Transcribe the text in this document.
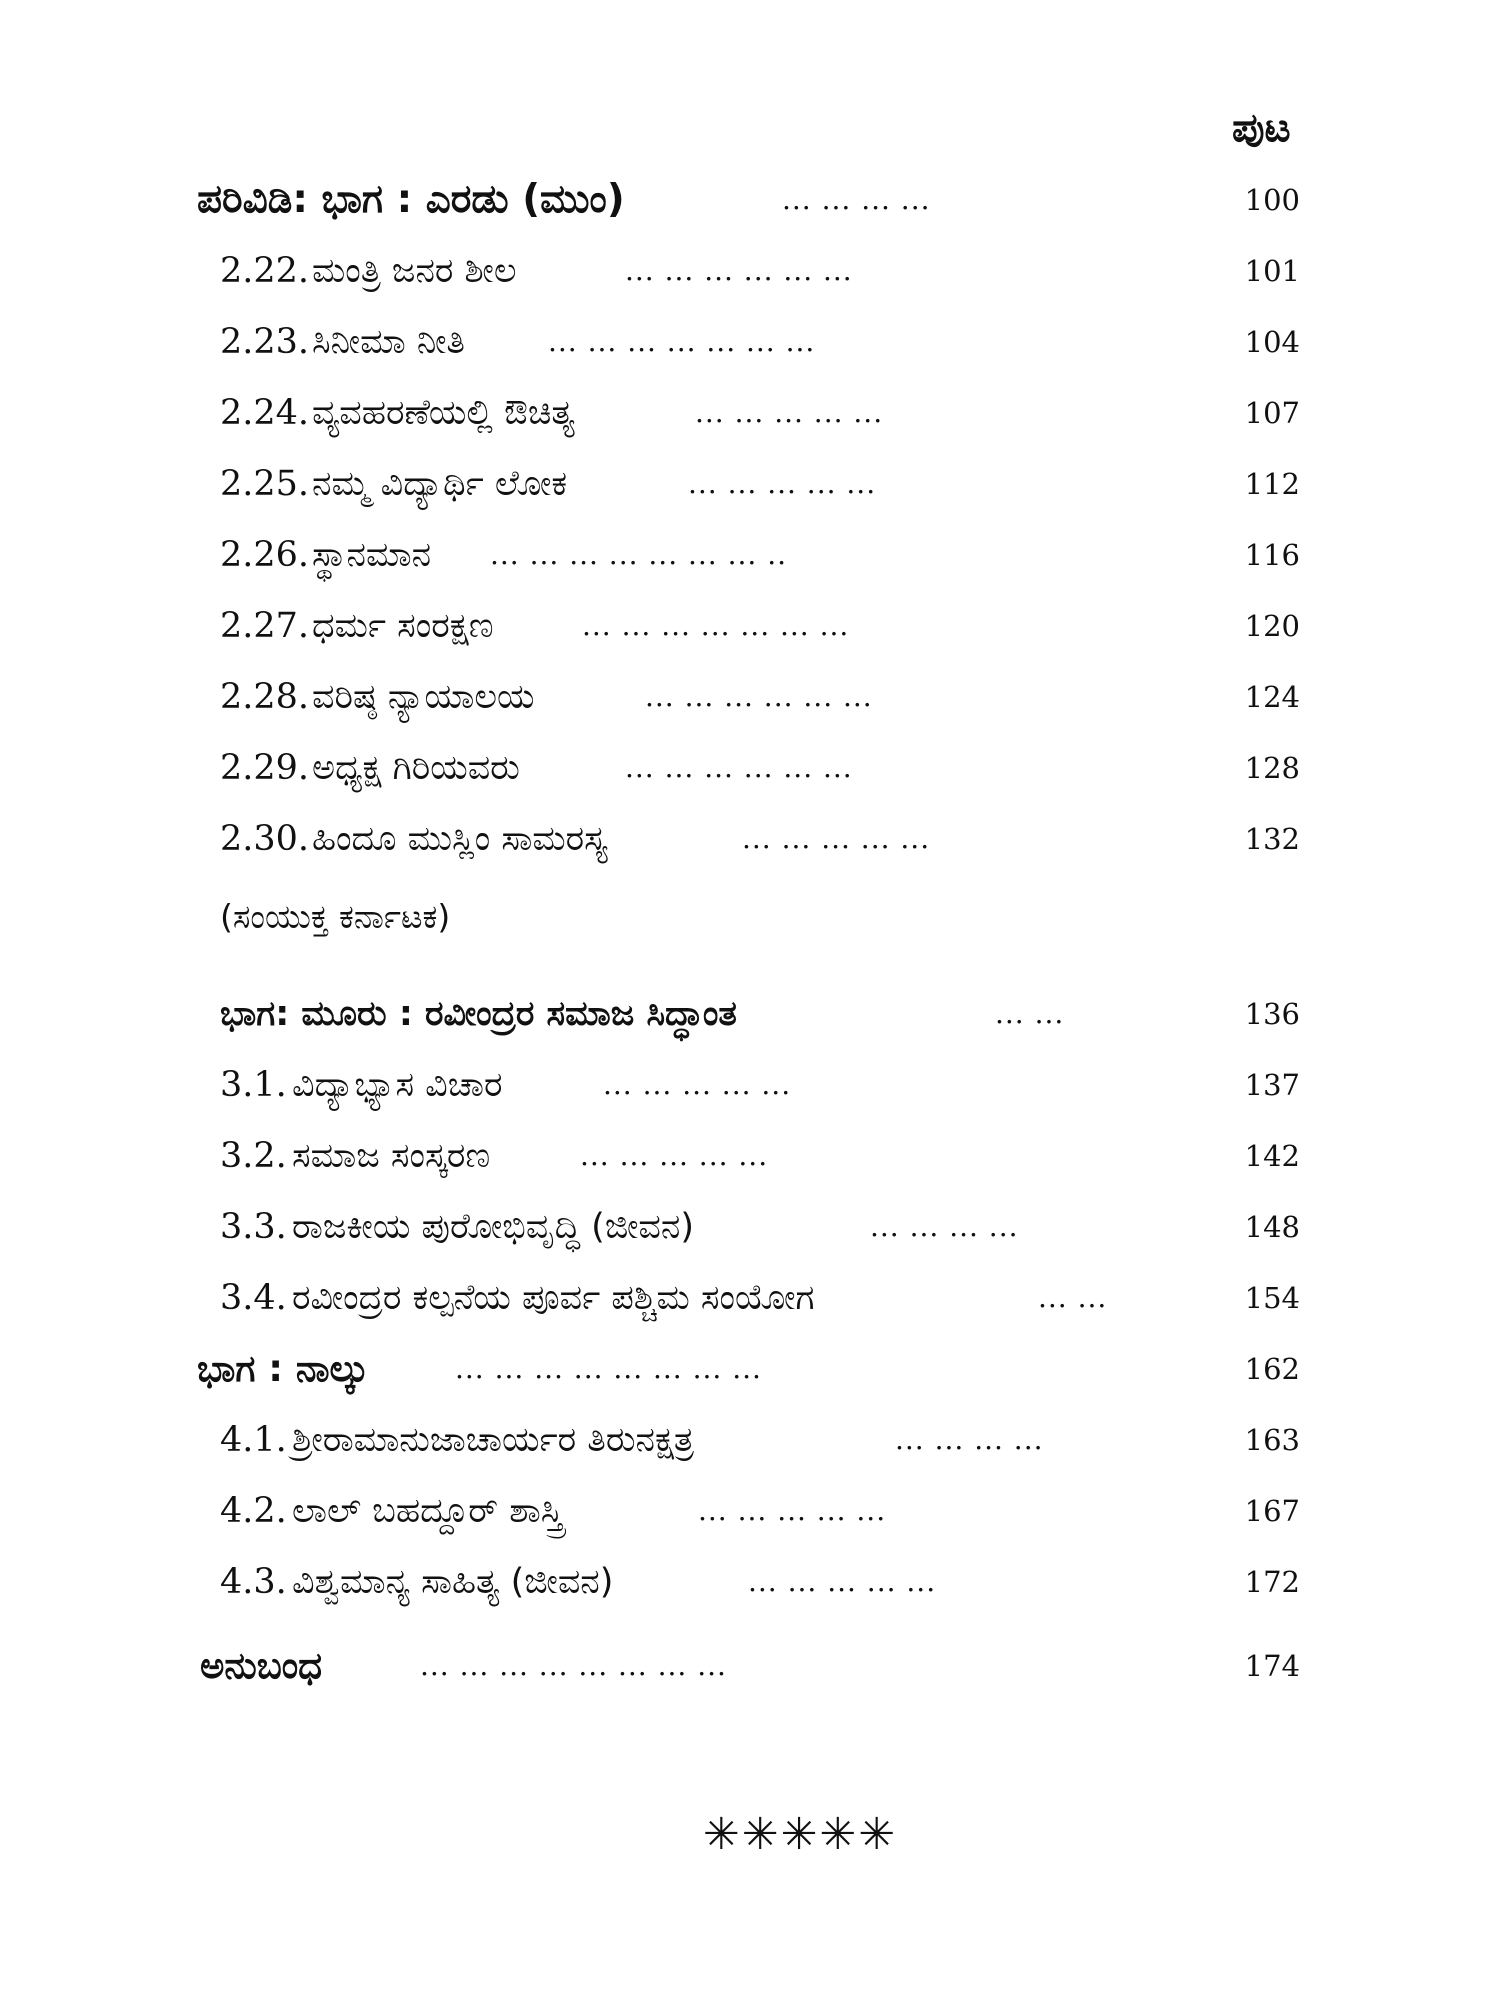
ಪುಟ
ಪರಿವಿಡಿ: ಭಾಗ : ಎರಡು (ಮುಂ)	... ... ... ...	100
2.22. ಮಂತ್ರಿ ಜನರ ಶೀಲ	... ... ... ... ... ...	101
2.23. ಸಿನೀಮಾ ನೀತಿ	... ... ... ... ... ... ...	104
2.24. ವ್ಯವಹರಣೆಯಲ್ಲಿ ಔಚಿತ್ಯ	... ... ... ... ...	107
2.25. ನಮ್ಮ ವಿದ್ಯಾರ್ಥಿ ಲೋಕ	... ... ... ... ...	112
2.26. ಸ್ಥಾನಮಾನ ... ... ... ... ... ... ... ..	116
2.27. ಧರ್ಮ ಸಂರಕ್ಷಣ	... ... ... ... ... ... ...	120
2.28. ವರಿಷ್ಠ ನ್ಯಾಯಾಲಯ	... ... ... ... ... ...	124
2.29. ಅಧ್ಯಕ್ಷ ಗಿರಿಯವರು	... ... ... ... ... ...	128
2.30. ಹಿಂದೂ ಮುಸ್ಲಿಂ ಸಾಮರಸ್ಯ	... ... ... ... ...	132
(ಸಂಯುಕ್ತ ಕರ್ನಾಟಕ)
ಭಾಗ: ಮೂರು : ರವೀಂದ್ರರ ಸಮಾಜ ಸಿದ್ಧಾಂತ	... ...	136
3.1. ವಿದ್ಯಾಭ್ಯಾಸ ವಿಚಾರ	... ... ... ... ...	137
3.2. ಸಮಾಜ ಸಂಸ್ಕರಣ	... ... ... ... ...	142
3.3. ರಾಜಕೀಯ ಪುರೋಭಿವೃದ್ಧಿ (ಜೀವನ)	... ... ... ...	148
3.4. ರವೀಂದ್ರರ ಕಲ್ಪನೆಯ ಪೂರ್ವ ಪಶ್ಚಿಮ ಸಂಯೋಗ	... ...	154
ಭಾಗ : ನಾಲ್ಕು	... ... ... ... ... ... ... ...	162
4.1. ಶ್ರೀರಾಮಾನುಜಾಚಾರ್ಯರ ತಿರುನಕ್ಷತ್ರ	... ... ... ...	163
4.2. ಲಾಲ್ ಬಹದ್ದೂರ್ ಶಾಸ್ತ್ರಿ	... ... ... ... ...	167
4.3. ವಿಶ್ವಮಾನ್ಯ ಸಾಹಿತ್ಯ (ಜೀವನ)	... ... ... ... ...	172
ಅನುಬಂಧ	... ... ... ... ... ... ... ...	174
✳✳✳✳✳
